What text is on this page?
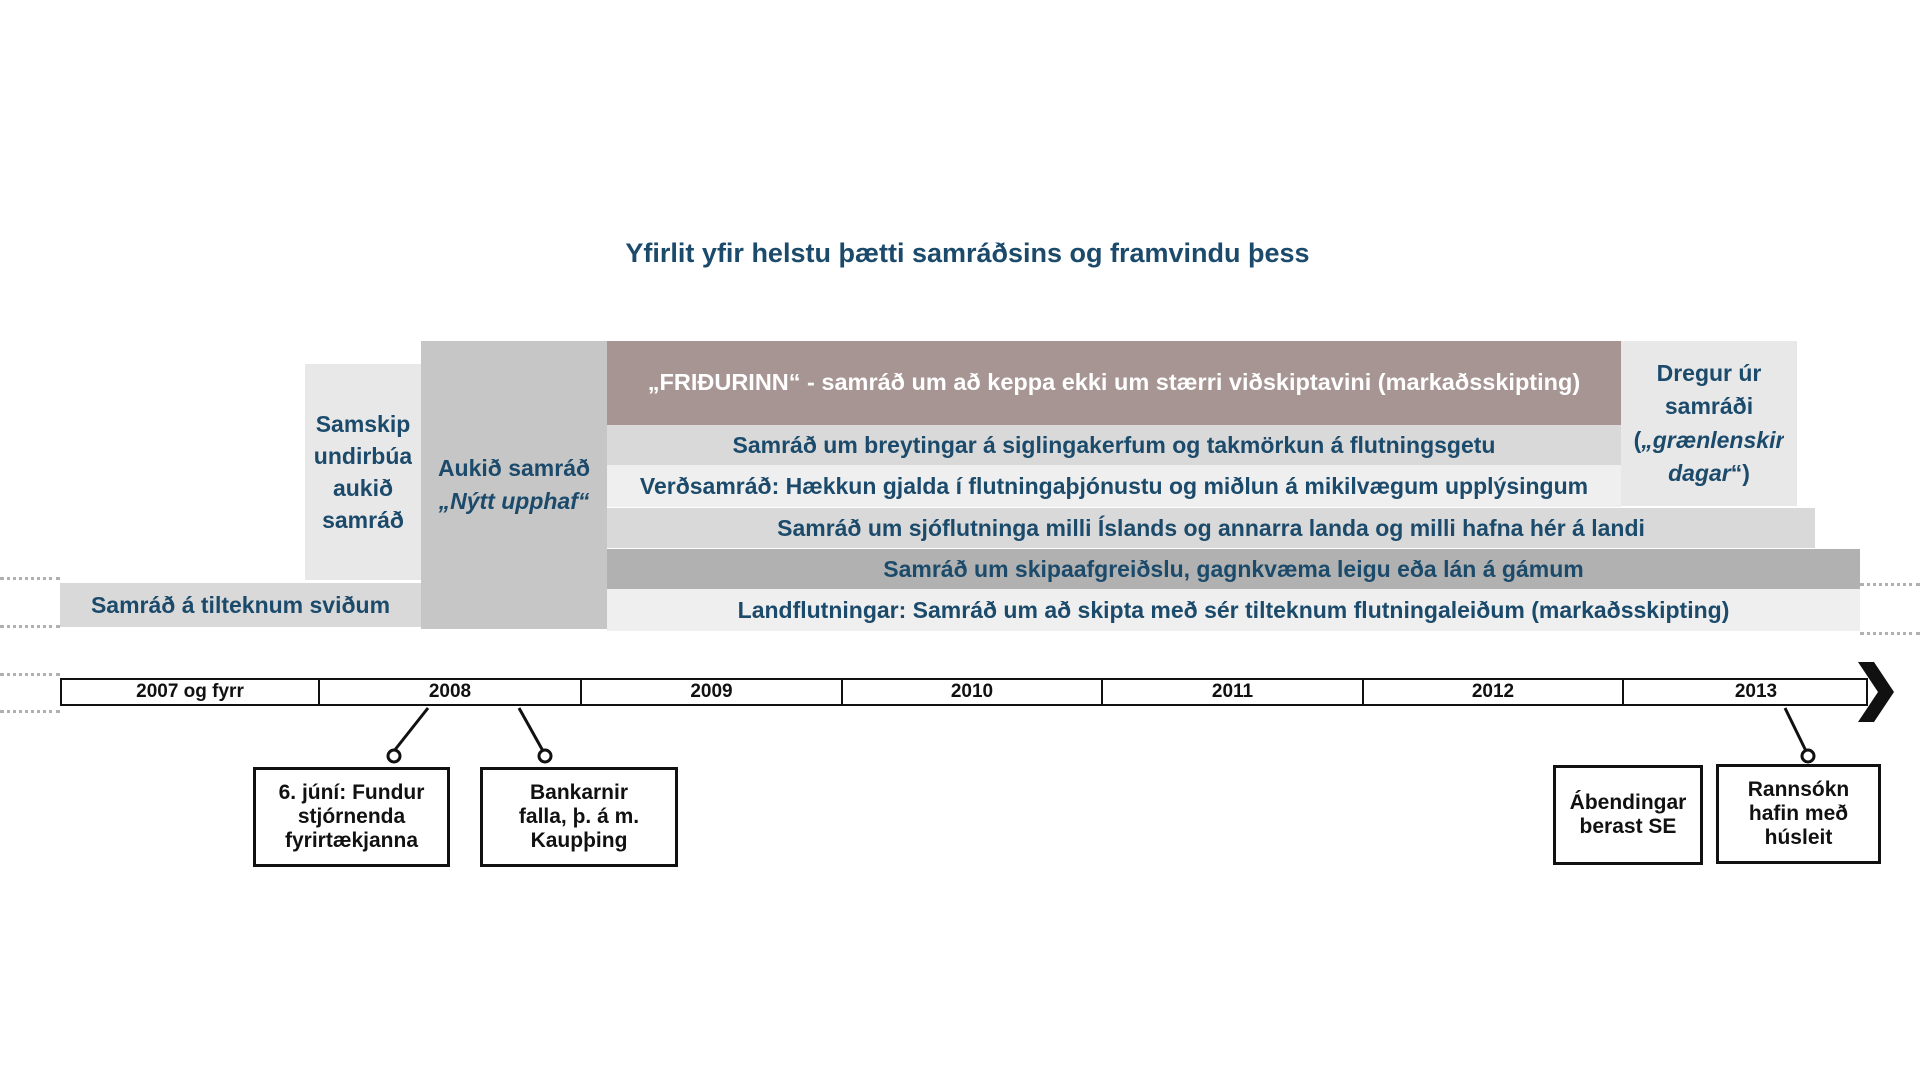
Yfirlit yfir helstu þætti samráðsins og framvindu þess
Samskip
undirbúa
aukið
samráð
Aukið samráð
„Nýtt upphaf“
Samráð á tilteknum sviðum
„FRIÐURINN“ - samráð um að keppa ekki um stærri viðskiptavini (markaðsskipting)	Dregur úr
samráði
(„grænlenskir
dagar“)
Samráð um breytingar á siglingakerfum og takmörkun á flutningsgetu
Verðsamráð: Hækkun gjalda í flutningaþjónustu og miðlun á mikilvægum upplýsingum
Samráð um sjóflutninga milli Íslands og annarra landa og milli hafna hér á landi
Samráð um skipaafgreiðslu, gagnkvæma leigu eða lán á gámum
Landflutningar: Samráð um að skipta með sér tilteknum flutningaleiðum (markaðsskipting)
2007 og fyrr	2008	2009	2010	2011	2012	2013
6. júní: Fundur
stjórnenda
fyrirtækjanna
Bankarnir
falla, þ. á m.
Kaupþing
Ábendingar
berast SE
Rannsókn
hafin með
húsleit
